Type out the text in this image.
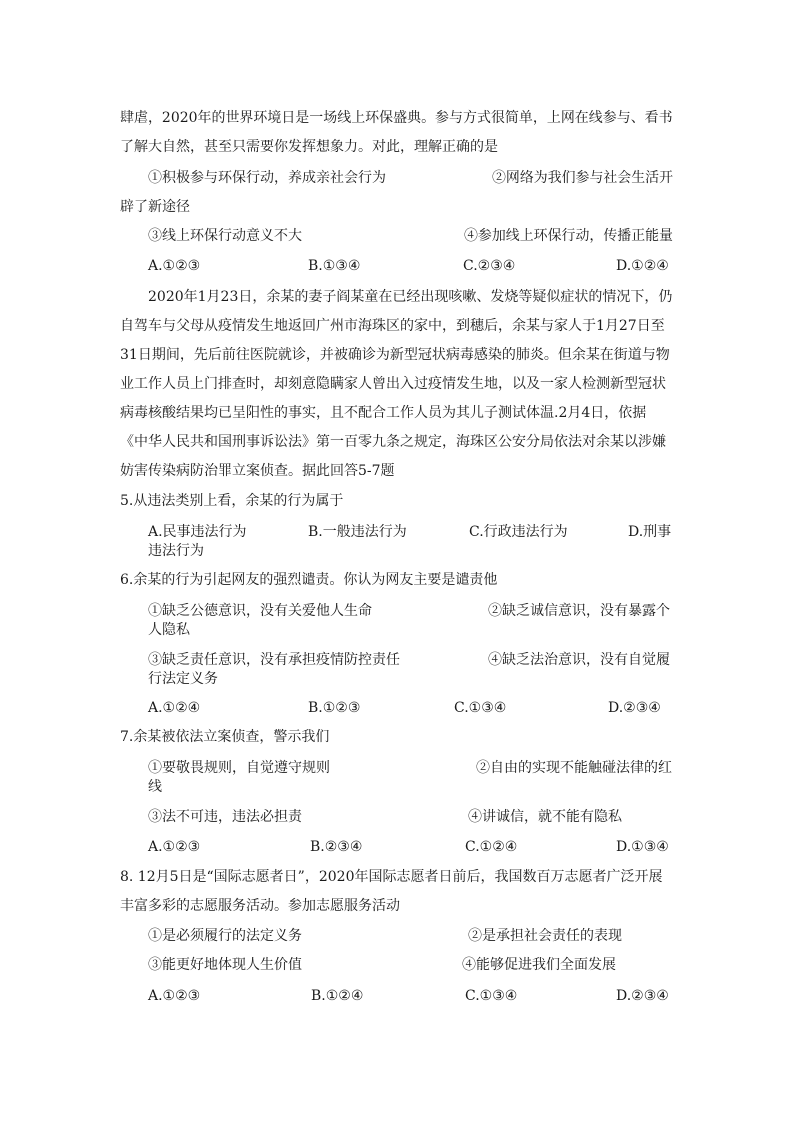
肆虐，2020年的世界环境日是一场线上环保盛典。参与方式很简单，上网在线参与、看书
了解大自然，甚至只需要你发挥想象力。对此，理解正确的是
①积极参与环保行动，养成亲社会行为	②网络为我们参与社会生活开
辟了新途径
③线上环保行动意义不大	④参加线上环保行动，传播正能量
A.①②③	B.①③④	C.②③④	D.①②④
2020年1月23日，余某的妻子阎某童在已经出现咳嗽、发烧等疑似症状的情况下，仍
自驾车与父母从疫情发生地返回广州市海珠区的家中，到穗后，余某与家人于1月27日至
31日期间，先后前往医院就诊，并被确诊为新型冠状病毒感染的肺炎。但余某在街道与物
业工作人员上门排查时，却刻意隐瞒家人曾出入过疫情发生地，以及一家人检测新型冠状
病毒核酸结果均已呈阳性的事实，且不配合工作人员为其儿子测试体温.2月4日，依据
《中华人民共和国刑事诉讼法》第一百零九条之规定，海珠区公安分局依法对余某以涉嫌
妨害传染病防治罪立案侦查。据此回答5-7题
5.从违法类别上看，余某的行为属于
A.民事违法行为	B.一般违法行为	C.行政违法行为	D.刑事
违法行为
6.余某的行为引起网友的强烈谴责。你认为网友主要是谴责他
①缺乏公德意识，没有关爱他人生命	②缺乏诚信意识，没有暴露个
人隐私
③缺乏责任意识，没有承担疫情防控责任	④缺乏法治意识，没有自觉履
行法定义务
A.①②④	B.①②③	C.①③④	D.②③④
7.余某被依法立案侦查，警示我们
①要敬畏规则，自觉遵守规则	②自由的实现不能触碰法律的红
线
③法不可违，违法必担责	④讲诚信，就不能有隐私
A.①②③	B.②③④	C.①②④	D.①③④
8. 12月5日是“国际志愿者日”，2020年国际志愿者日前后，我国数百万志愿者广泛开展
丰富多彩的志愿服务活动。参加志愿服务活动
①是必须履行的法定义务	②是承担社会责任的表现
③能更好地体现人生价值	④能够促进我们全面发展
A.①②③	B.①②④	C.①③④	D.②③④
